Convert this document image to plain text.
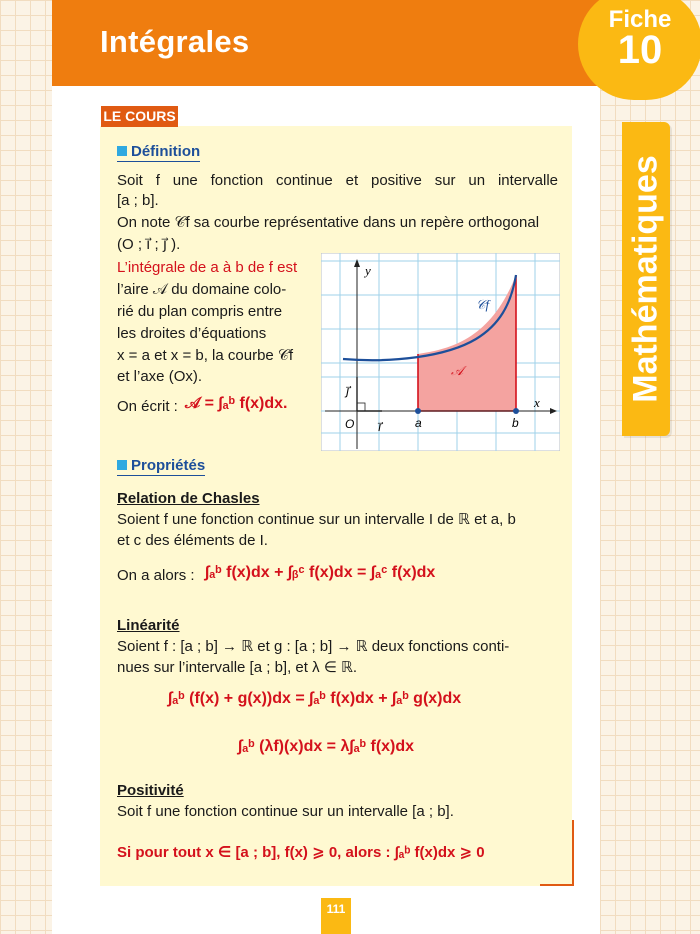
Intégrales
Fiche
10
Mathématiques
LE COURS
Définition
Soit f une fonction continue et positive sur un intervalle
[a ; b].
On note 𝒞f sa courbe représentative dans un repère orthogonal
(O ; i⃗ ; j⃗ ).
L’intégrale de a à b de f est
l’aire 𝒜 du domaine colo-
rié du plan compris entre
les droites d’équations
x = a et x = b, la courbe 𝒞f
et l’axe (Ox).
On écrit : 𝒜 = ∫ₐᵇ f(x)dx.
y
x
O i⃗
j⃗
a	b
𝒞f
𝒜
Propriétés
Relation de Chasles
Soient f une fonction continue sur un intervalle I de ℝ et a, b
et c des éléments de I.
On a alors : ∫ₐᵇ f(x)dx + ∫ᵦᶜ f(x)dx = ∫ₐᶜ f(x)dx
Linéarité
Soient f : [a ; b] → ℝ et g : [a ; b] → ℝ deux fonctions conti-
nues sur l’intervalle [a ; b], et λ ∈ ℝ.
∫ₐᵇ (f(x) + g(x))dx = ∫ₐᵇ f(x)dx + ∫ₐᵇ g(x)dx
∫ₐᵇ (λf)(x)dx = λ∫ₐᵇ f(x)dx
Positivité
Soit f une fonction continue sur un intervalle [a ; b].
Si pour tout x ∈ [a ; b], f(x) ⩾ 0, alors : ∫ₐᵇ f(x)dx ⩾ 0
111
